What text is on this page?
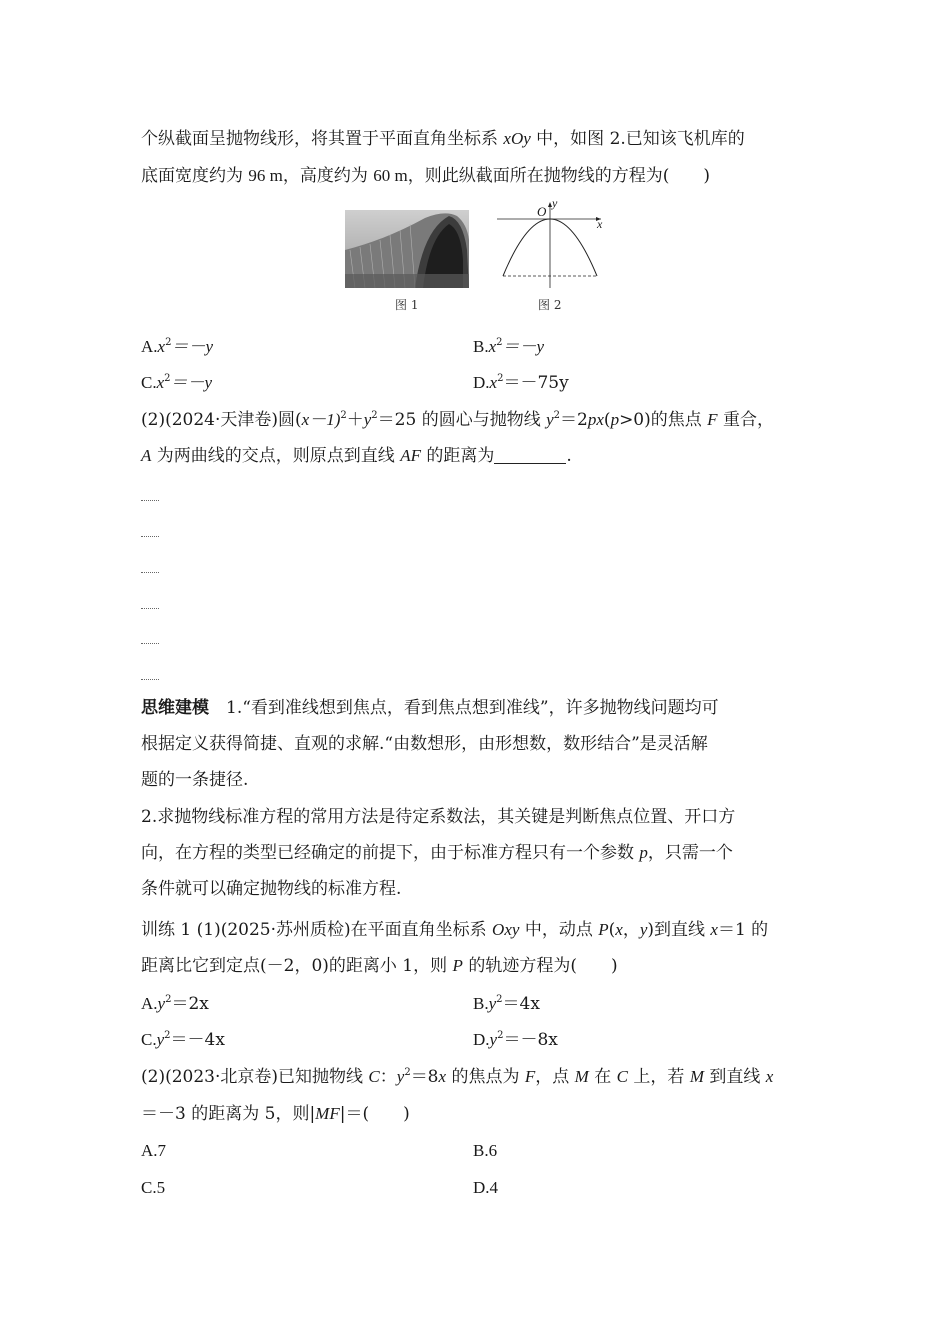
个纵截面呈抛物线形，将其置于平面直角坐标系 xOy 中，如图 2.已知该飞机库的
底面宽度约为 96 m，高度约为 60 m，则此纵截面所在抛物线的方程为(　　)
图 1
O
x
y
图 2
$A.x^2=-y$	$B.x^2=-y$
$C.x^2=-y$	$D.x^2=-75y$
(2)(2024·天津卷)圆$(x-1)^2+y^2=25$ 的圆心与抛物线 $y^2=2px(p>0)$的焦点 F 重合，
A 为两曲线的交点，则原点到直线 AF 的距离为	.
思维建模　1.“看到准线想到焦点，看到焦点想到准线”，许多抛物线问题均可
根据定义获得简捷、直观的求解.“由数想形，由形想数，数形结合”是灵活解
题的一条捷径.
2.求抛物线标准方程的常用方法是待定系数法，其关键是判断焦点位置、开口方
向，在方程的类型已经确定的前提下，由于标准方程只有一个参数 p，只需一个
条件就可以确定抛物线的标准方程.
训练 1 (1)(2025·苏州质检)在平面直角坐标系 Oxy 中，动点 P(x，y)到直线 x＝1 的
距离比它到定点(－2，0)的距离小 1，则 P 的轨迹方程为(　　)
$A.y^2=2x$	$B.y^2=4x$
$C.y^2=-4x$	$D.y^2=-8x$
(2)(2023·北京卷)已知抛物线 C：$y^2=8x$ 的焦点为 F，点 M 在 C 上，若 M 到直线 x
＝－3 的距离为 5，则|MF|＝(　　)
A.7	B.6
C.5	D.4
